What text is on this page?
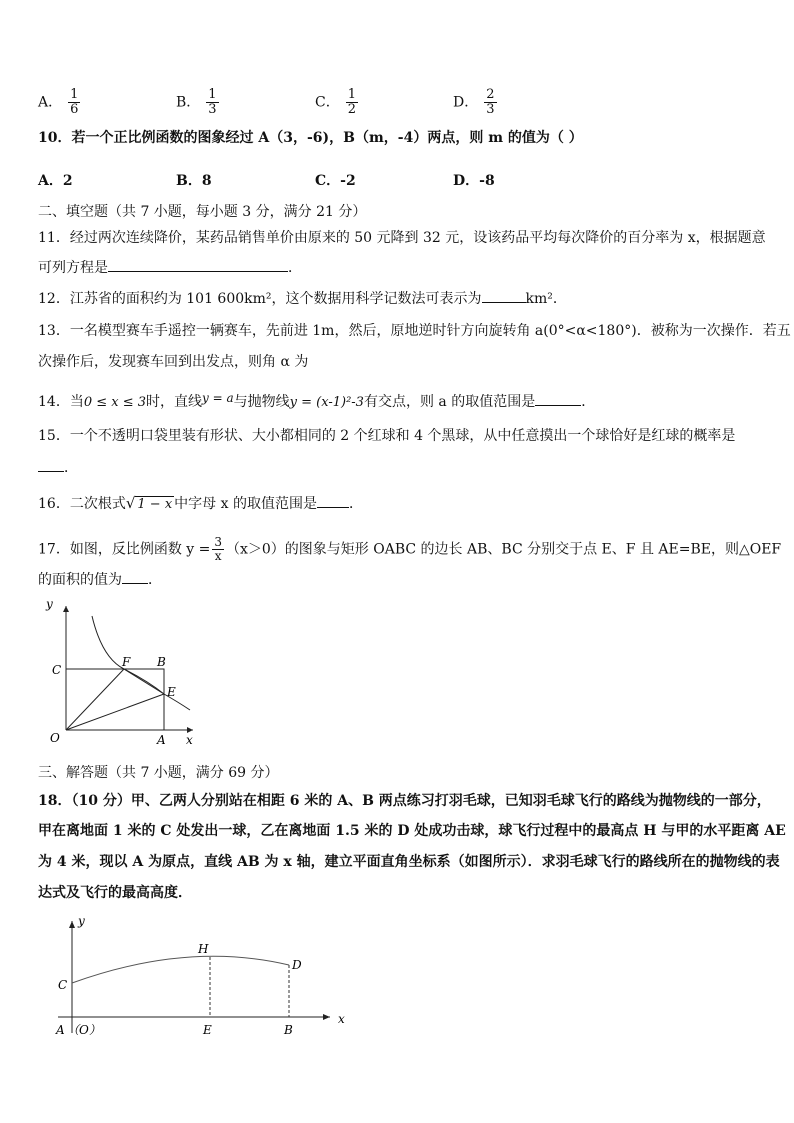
A． $\frac{1}{6}$	B． $\frac{1}{3}$	C． $\frac{1}{2}$	D． $\frac{2}{3}$
10．若一个正比例函数的图象经过 A（3，-6)，B（m，-4）两点，则 m 的值为（ ）
A．2	B．8	C．-2	D．-8
二、填空题（共 7 小题，每小题 3 分，满分 21 分）
11．经过两次连续降价，某药品销售单价由原来的 50 元降到 32 元，设该药品平均每次降价的百分率为 x，根据题意
可列方程是	．
12．江苏省的面积约为 101 600km²，这个数据用科学记数法可表示为	km²．
13．一名模型赛车手遥控一辆赛车，先前进 1m，然后，原地逆时针方向旋转角 a(0°<α<180°)．被称为一次操作．若五
次操作后，发现赛车回到出发点，则角 α 为
14．当0 ≤ x ≤ 3时，直线y = a与抛物线y = (x-1)²-3有交点，则 a 的取值范围是	．
15．一个不透明口袋里装有形状、大小都相同的 2 个红球和 4 个黑球，从中任意摸出一个球恰好是红球的概率是
．
16．二次根式√ 1 − x 中字母 x 的取值范围是 ．
17．如图，反比例函数 $y = \frac{3}{x} (x>0)$的图象与矩形 OABC 的边长 AB、BC 分别交于点 E、F 且 AE=BE，则△OEF
的面积的值为 ．
y
x
C
F B
E
O	A
三、解答题（共 7 小题，满分 69 分）
18．（10 分）甲、乙两人分别站在相距 6 米的 A、B 两点练习打羽毛球，已知羽毛球飞行的路线为抛物线的一部分，
甲在离地面 1 米的 C 处发出一球，乙在离地面 1.5 米的 D 处成功击球，球飞行过程中的最高点 H 与甲的水平距离 AE
为 4 米，现以 A 为原点，直线 AB 为 x 轴，建立平面直角坐标系（如图所示）．求羽毛球飞行的路线所在的抛物线的表
达式及飞行的最高高度．
y
x
H
D
C
A （O）	E	B
